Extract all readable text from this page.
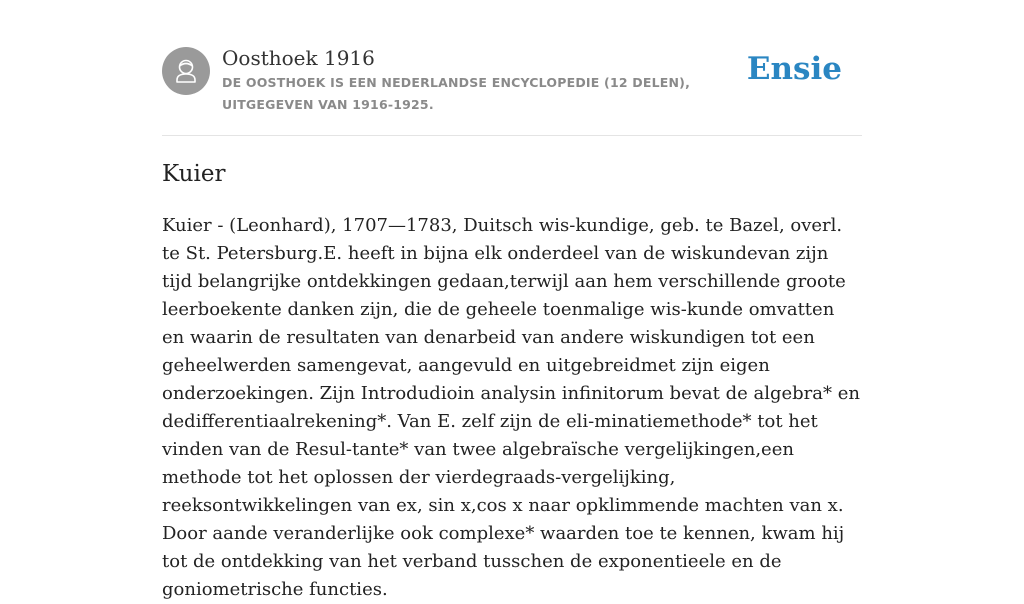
Oosthoek 1916
DE OOSTHOEK IS EEN NEDERLANDSE ENCYCLOPEDIE (12 DELEN), UITGEGEVEN VAN 1916-1925.
Ensie
Kuier

Kuier - (Leonhard), 1707—1783, Duitsch wis-kundige, geb. te Bazel, overl. te St. Petersburg.E. heeft in bijna elk onderdeel van de wiskundevan zijn tijd belangrijke ontdekkingen gedaan,terwijl aan hem verschillende groote leerboekente danken zijn, die de geheele toenmalige wis-kunde omvatten en waarin de resultaten van denarbeid van andere wiskundigen tot een geheelwerden samengevat, aangevuld en uitgebreidmet zijn eigen onderzoekingen. Zijn Introdudioin analysin infinitorum bevat de algebra* en dedifferentiaalrekening*. Van E. zelf zijn de eli-minatiemethode* tot het vinden van de Resul-tante* van twee algebraïsche vergelijkingen,een methode tot het oplossen der vierdegraads-vergelijking, reeksontwikkelingen van ex, sin x,cos x naar opklimmende machten van x. Door aande veranderlijke ook complexe* waarden toe te kennen, kwam hij tot de ontdekking van het verband tusschen de exponentieele en de goniometrische functies.
